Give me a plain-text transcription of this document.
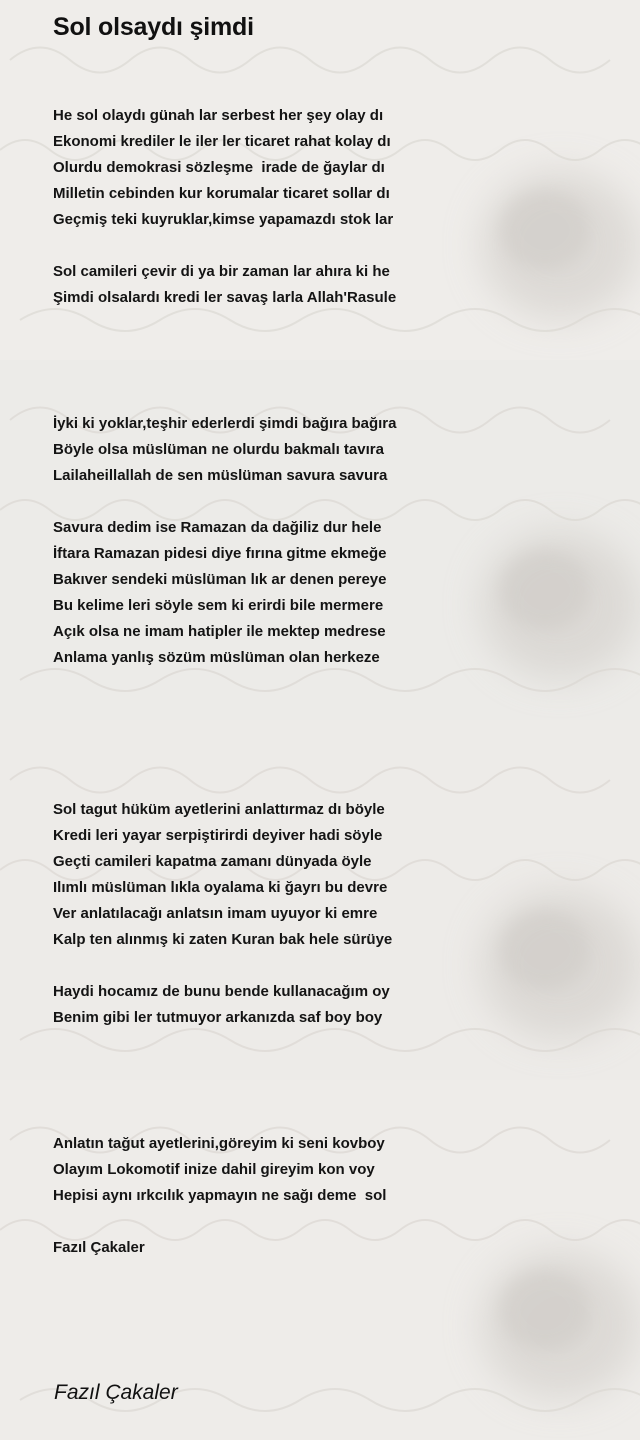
Sol olsaydı şimdi
He sol olaydı günah lar serbest her şey olay dı
Ekonomi krediler le iler ler ticaret rahat kolay dı
Olurdu demokrasi sözleşme  irade de ğaylar dı
Milletin cebinden kur korumalar ticaret sollar dı
Geçmiş teki kuyruklar,kimse yapamazdı stok lar
Sol camileri çevir di ya bir zaman lar ahıra ki he
Şimdi olsalardı kredi ler savaş larla Allah'Rasule
İyki ki yoklar,teşhir ederlerdi şimdi bağıra bağıra
Böyle olsa müslüman ne olurdu bakmalı tavıra
Lailaheillallah de sen müslüman savura savura
Savura dedim ise Ramazan da dağiliz dur hele
İftara Ramazan pidesi diye fırına gitme ekmeğe
Bakıver sendeki müslüman lık ar denen pereye
Bu kelime leri söyle sem ki erirdi bile mermere
Açık olsa ne imam hatipler ile mektep medrese
Anlama yanlış sözüm müslüman olan herkeze
Sol tagut hüküm ayetlerini anlattırmaz dı böyle
Kredi leri yayar serpiştirirdi deyiver hadi söyle
Geçti camileri kapatma zamanı dünyada öyle
Ilımlı müslüman lıkla oyalama ki ğayrı bu devre
Ver anlatılacağı anlatsın imam uyuyor ki emre
Kalp ten alınmış ki zaten Kuran bak hele sürüye
Haydi hocamız de bunu bende kullanacağım oy
Benim gibi ler tutmuyor arkanızda saf boy boy
Anlatın tağut ayetlerini,göreyim ki seni kovboy
Olayım Lokomotif inize dahil gireyim kon voy
Hepisi aynı ırkcılık yapmayın ne sağı deme  sol
Fazıl Çakaler
Fazıl Çakaler
